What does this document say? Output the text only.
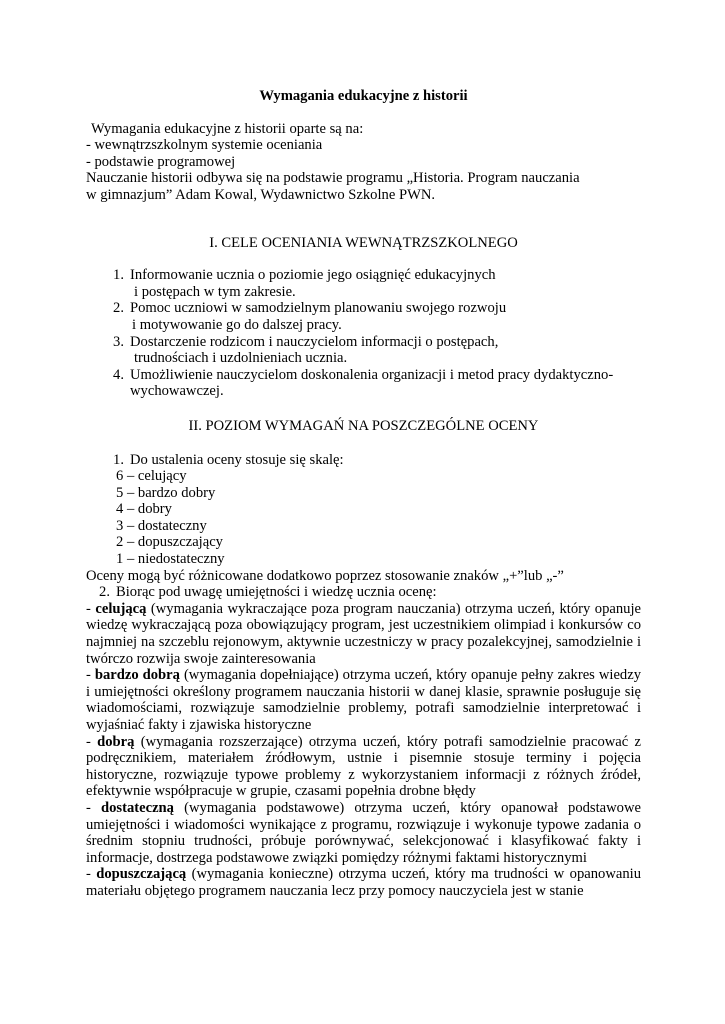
Wymagania edukacyjne z historii

Wymagania edukacyjne z historii oparte są na:

- wewnątrzszkolnym systemie oceniania

- podstawie programowej

Nauczanie historii odbywa się na podstawie programu „Historia. Program nauczania

w gimnazjum” Adam Kowal, Wydawnictwo Szkolne PWN.

I. CELE OCENIANIA WEWNĄTRZSZKOLNEGO

1. Informowanie ucznia o poziomie jego osiągnięć edukacyjnych
i postępach w tym zakresie.
2. Pomoc uczniowi w samodzielnym planowaniu swojego rozwoju
i motywowanie go do dalszej pracy.
3. Dostarczenie rodzicom i nauczycielom informacji o postępach,
trudnościach i uzdolnieniach ucznia.
4. Umożliwienie nauczycielom doskonalenia organizacji i metod pracy dydaktyczno-
wychowawczej.

II. POZIOM WYMAGAŃ NA POSZCZEGÓLNE OCENY

1. Do ustalenia oceny stosuje się skalę:
6 – celujący
5 – bardzo dobry
4 – dobry
3 – dostateczny
2 – dopuszczający
1 – niedostateczny

Oceny mogą być różnicowane dodatkowo poprzez stosowanie znaków „+”lub „-”

2. Biorąc pod uwagę umiejętności i wiedzę ucznia ocenę:

- celującą (wymagania wykraczające poza program nauczania) otrzyma uczeń, który opanuje wiedzę wykraczającą poza obowiązujący program, jest uczestnikiem olimpiad i konkursów co najmniej na szczeblu rejonowym, aktywnie uczestniczy w pracy pozalekcyjnej, samodzielnie i twórczo rozwija swoje zainteresowania

- bardzo dobrą (wymagania dopełniające) otrzyma uczeń, który opanuje pełny zakres wiedzy i umiejętności określony programem nauczania historii w danej klasie, sprawnie posługuje się wiadomościami, rozwiązuje samodzielnie problemy, potrafi samodzielnie interpretować i wyjaśniać fakty i zjawiska historyczne

- dobrą (wymagania rozszerzające) otrzyma uczeń, który potrafi samodzielnie pracować z podręcznikiem, materiałem źródłowym, ustnie i pisemnie stosuje terminy i pojęcia historyczne, rozwiązuje typowe problemy z wykorzystaniem informacji z różnych źródeł, efektywnie współpracuje w grupie, czasami popełnia drobne błędy

- dostateczną (wymagania podstawowe) otrzyma uczeń, który opanował podstawowe umiejętności i wiadomości wynikające z programu, rozwiązuje i wykonuje typowe zadania o średnim stopniu trudności, próbuje porównywać, selekcjonować i klasyfikować fakty i informacje, dostrzega podstawowe związki pomiędzy różnymi faktami historycznymi

- dopuszczającą (wymagania konieczne) otrzyma uczeń, który ma trudności w opanowaniu materiału objętego programem nauczania lecz przy pomocy nauczyciela jest w stanie
